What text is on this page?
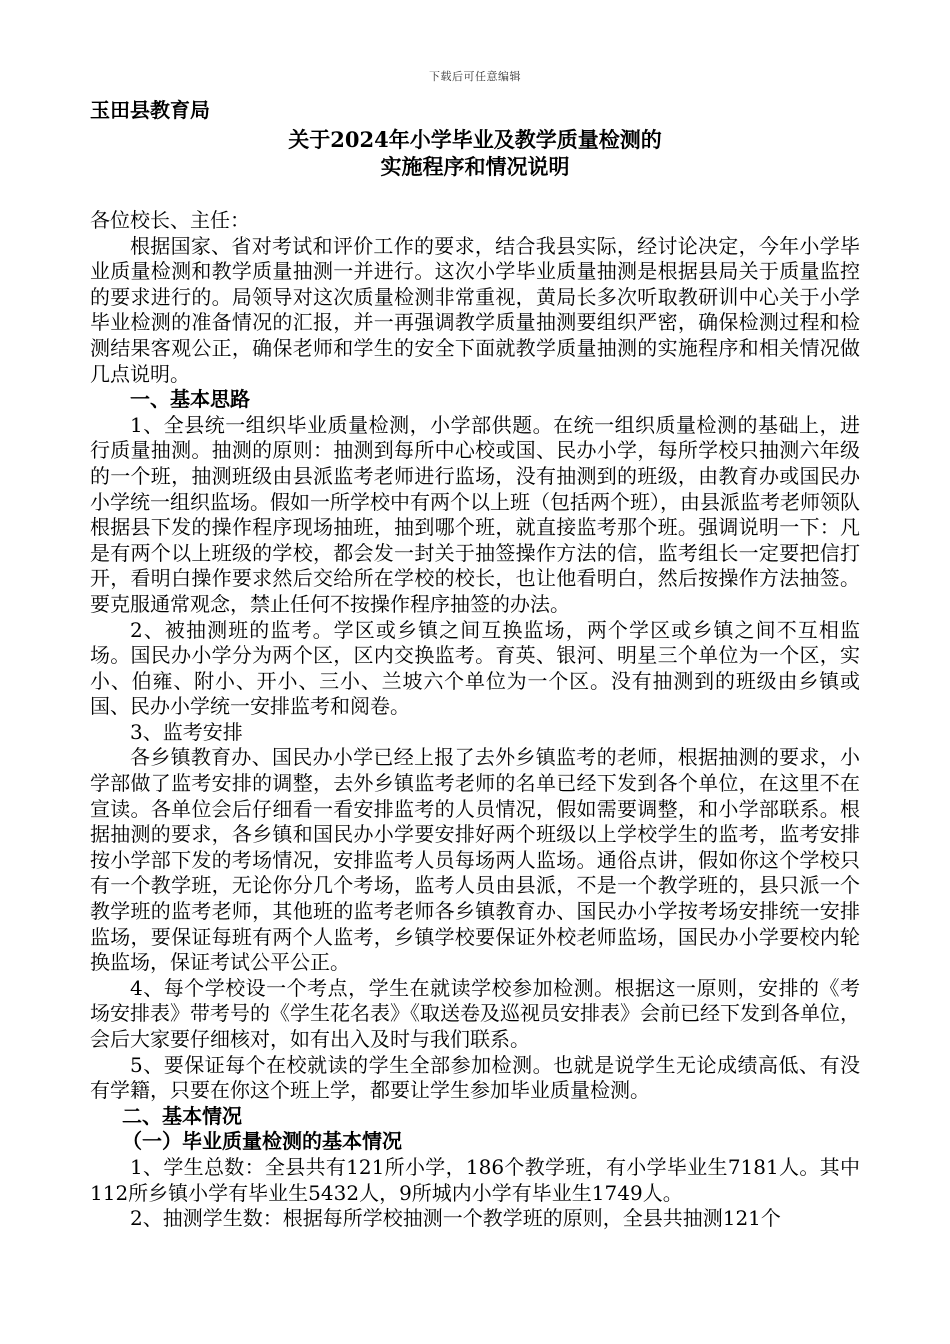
下载后可任意编辑

玉田县教育局

关于2024年小学毕业及教学质量检测的

实施程序和情况说明

各位校长、主任：

根据国家、省对考试和评价工作的要求，结合我县实际，经讨论决定，今年小学毕业质量检测和教学质量抽测一并进行。这次小学毕业质量抽测是根据县局关于质量监控的要求进行的。局领导对这次质量检测非常重视，黄局长多次听取教研训中心关于小学毕业检测的准备情况的汇报，并一再强调教学质量抽测要组织严密，确保检测过程和检测结果客观公正，确保老师和学生的安全下面就教学质量抽测的实施程序和相关情况做几点说明。

一、基本思路

1、全县统一组织毕业质量检测，小学部供题。在统一组织质量检测的基础上，进行质量抽测。抽测的原则：抽测到每所中心校或国、民办小学，每所学校只抽测六年级的一个班，抽测班级由县派监考老师进行监场，没有抽测到的班级，由教育办或国民办小学统一组织监场。假如一所学校中有两个以上班（包括两个班），由县派监考老师领队根据县下发的操作程序现场抽班，抽到哪个班，就直接监考那个班。强调说明一下：凡是有两个以上班级的学校，都会发一封关于抽签操作方法的信，监考组长一定要把信打开，看明白操作要求然后交给所在学校的校长，也让他看明白，然后按操作方法抽签。要克服通常观念，禁止任何不按操作程序抽签的办法。

2、被抽测班的监考。学区或乡镇之间互换监场，两个学区或乡镇之间不互相监场。国民办小学分为两个区，区内交换监考。育英、银河、明星三个单位为一个区，实小、伯雍、附小、开小、三小、兰坡六个单位为一个区。没有抽测到的班级由乡镇或国、民办小学统一安排监考和阅卷。

3、监考安排

各乡镇教育办、国民办小学已经上报了去外乡镇监考的老师，根据抽测的要求，小学部做了监考安排的调整，去外乡镇监考老师的名单已经下发到各个单位，在这里不在宣读。各单位会后仔细看一看安排监考的人员情况，假如需要调整，和小学部联系。根据抽测的要求，各乡镇和国民办小学要安排好两个班级以上学校学生的监考，监考安排按小学部下发的考场情况，安排监考人员每场两人监场。通俗点讲，假如你这个学校只有一个教学班，无论你分几个考场，监考人员由县派，不是一个教学班的，县只派一个教学班的监考老师，其他班的监考老师各乡镇教育办、国民办小学按考场安排统一安排监场，要保证每班有两个人监考，乡镇学校要保证外校老师监场，国民办小学要校内轮换监场，保证考试公平公正。

4、每个学校设一个考点，学生在就读学校参加检测。根据这一原则，安排的《考场安排表》带考号的《学生花名表》《取送卷及巡视员安排表》会前已经下发到各单位，会后大家要仔细核对，如有出入及时与我们联系。

5、要保证每个在校就读的学生全部参加检测。也就是说学生无论成绩高低、有没有学籍，只要在你这个班上学，都要让学生参加毕业质量检测。

二、基本情况

（一）毕业质量检测的基本情况

1、学生总数：全县共有121所小学，186个教学班，有小学毕业生7181人。其中112所乡镇小学有毕业生5432人，9所城内小学有毕业生1749人。

2、抽测学生数：根据每所学校抽测一个教学班的原则，全县共抽测121个
